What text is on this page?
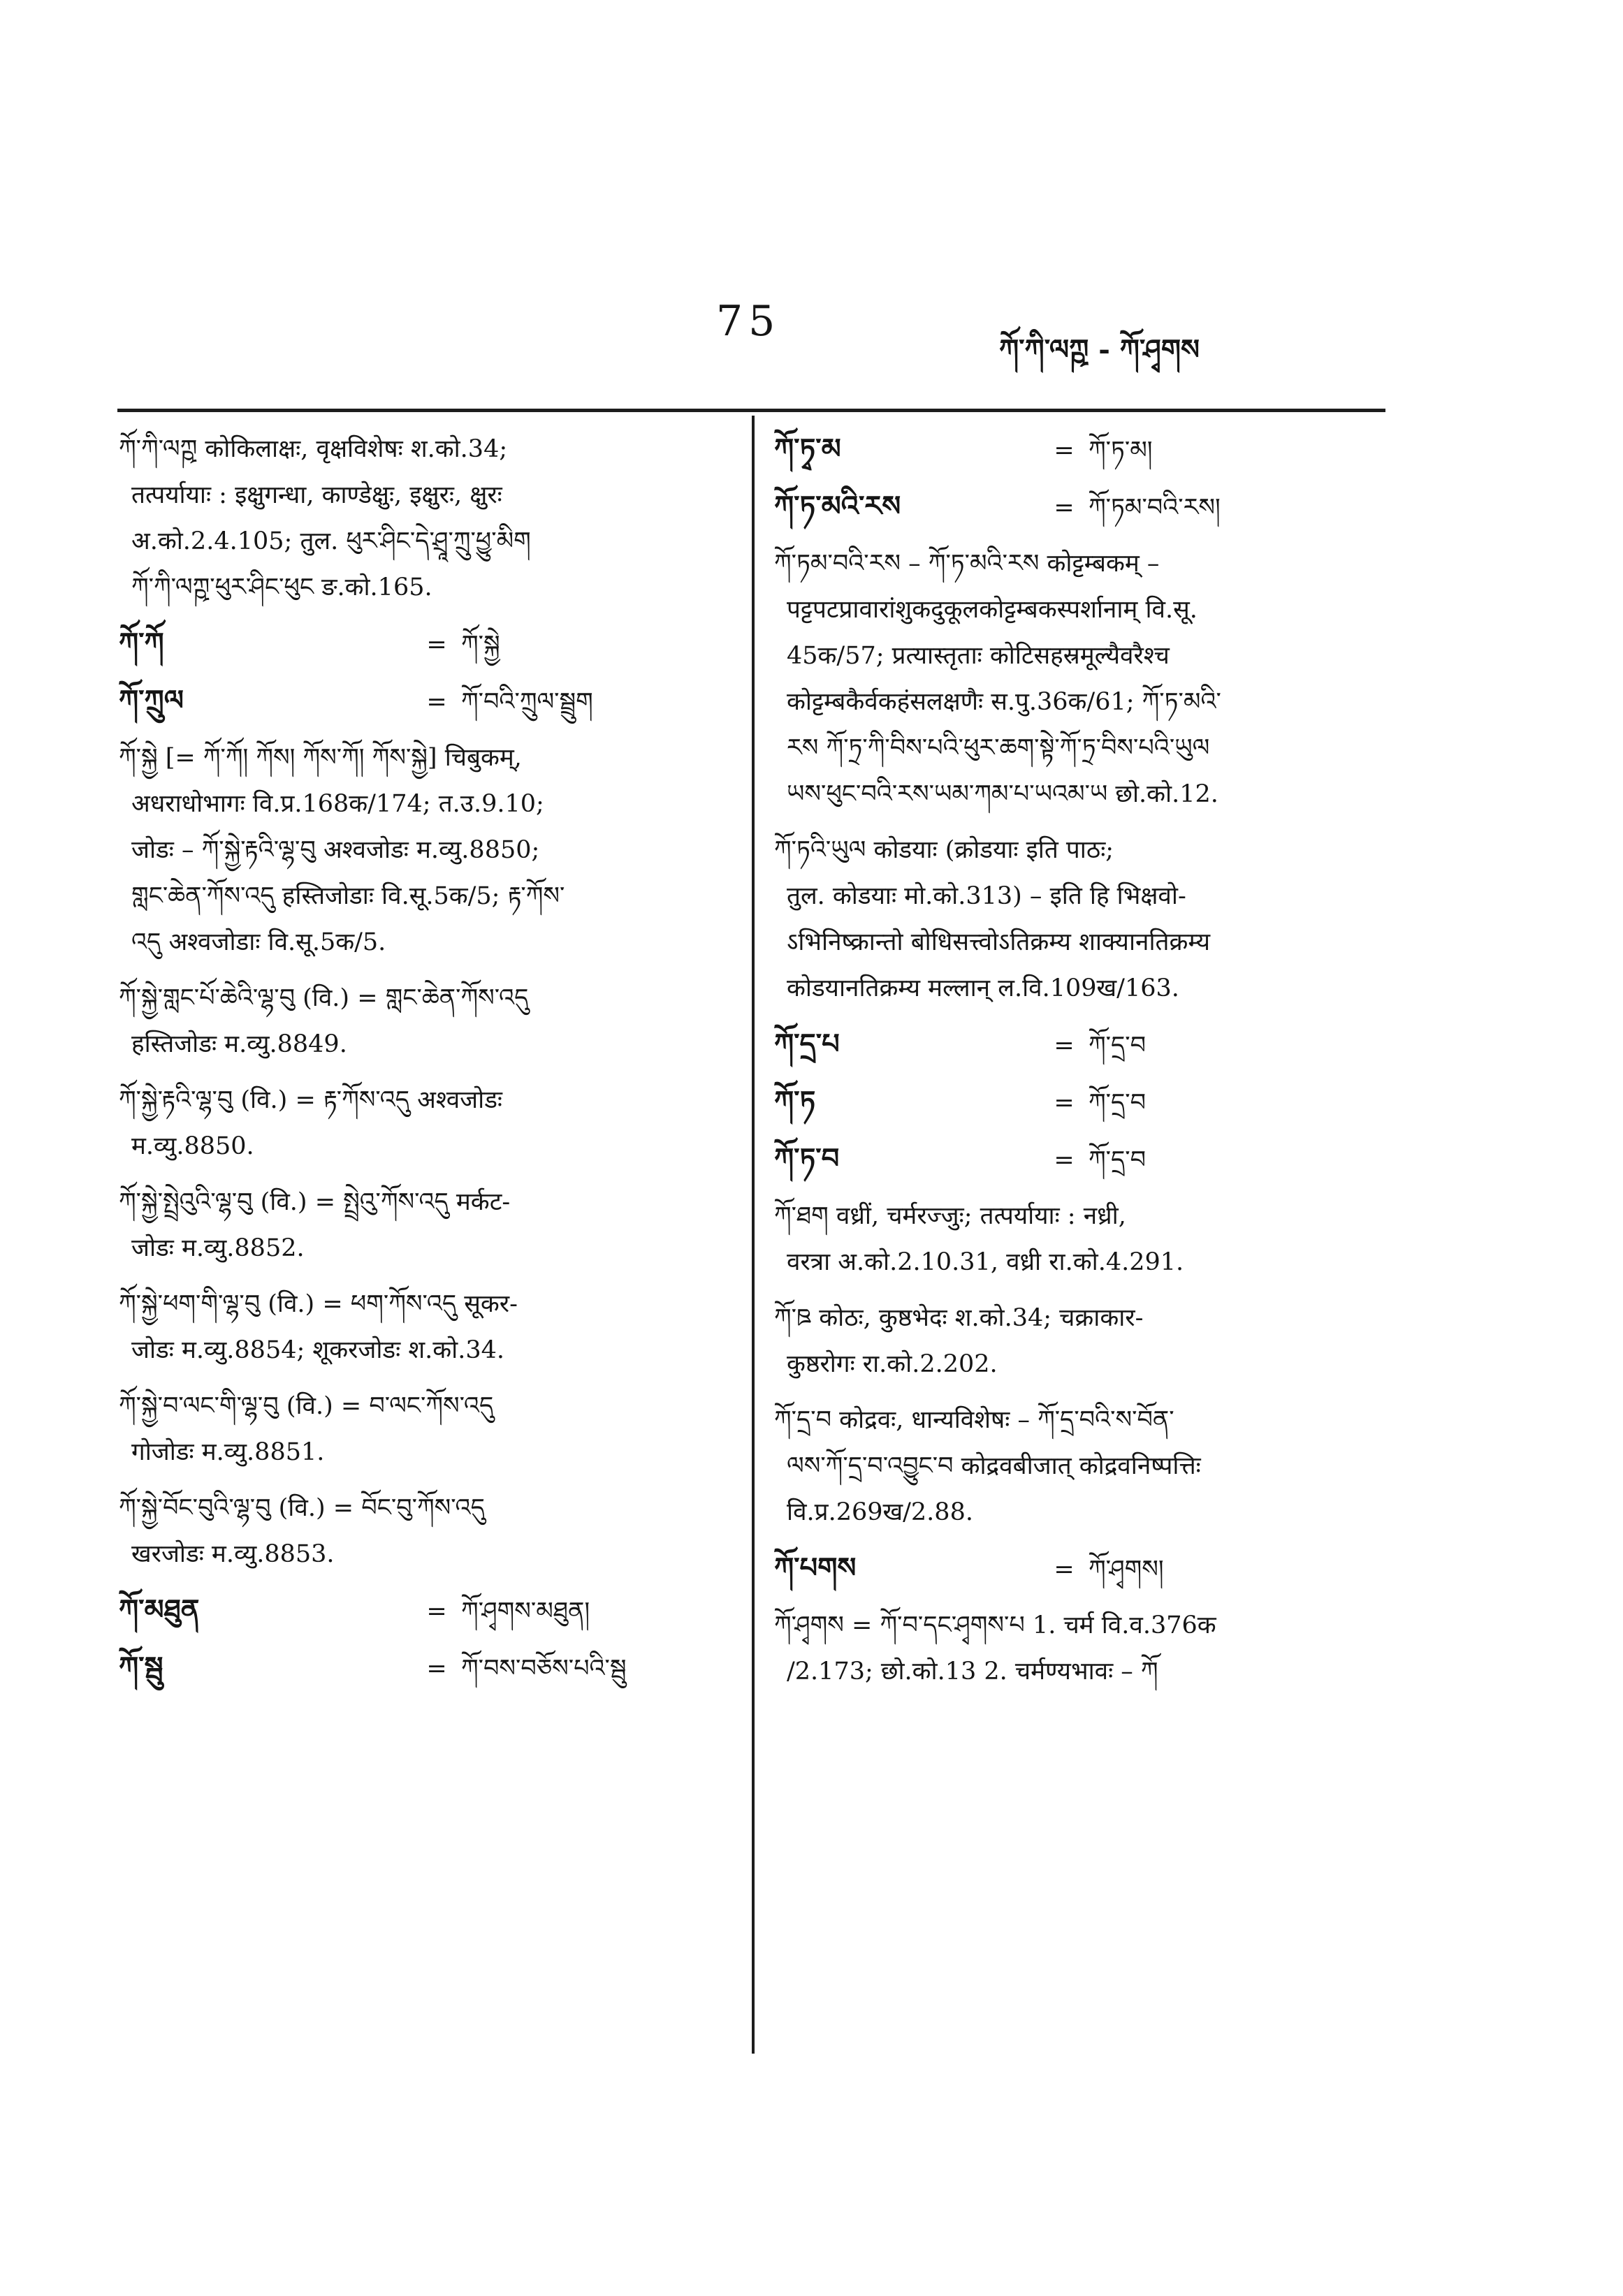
75
ཀོ་ཀི་ལཀྵ - ཀོ་ཤྭགས
ཀོ་ཀི་ལཀྵ कोकिलाक्षः, वृक्षविशेषः श.को.34;
तत्पर्यायाः : इक्षुगन्धा, काण्डेक्षुः, इक्षुरः, क्षुरः
अ.को.2.4.105; तुल. ཕུར་ཤིང་དེ་ཤྲཱ་ཀྲུ་ཕྱུ་མིག
ཀོ་ཀི་ལཀྵ་ཕུར་ཤིང་ཕུང ङ.को.165.
ཀོ་ཀོ	= ཀོ་སྐྱེ
ཀོ་ཀྲུལ	= ཀོ་བའི་ཀྲུལ་སྦྲུག
ཀོ་སྐྱེ [= ཀོ་ཀོ། ཀོས། ཀོས་ཀོ། ཀོས་སྐྱེ] चिबुकम्,
अधराधोभागः वि.प्र.168क/174; त.उ.9.10;
जोडः – ཀོ་སྐྱེ་རྟའི་ལྷ་བུ अश्वजोडः म.व्यु.8850;
གླང་ཆེན་ཀོས་འདུ हस्तिजोडाः वि.सू.5क/5; རྟ་ཀོས་
འདུ अश्वजोडाः वि.सू.5क/5.
ཀོ་སྐྱེ་གླང་པོ་ཆེའི་ལྷ་བུ (वि.) = གླང་ཆེན་ཀོས་འདུ
हस्तिजोडः म.व्यु.8849.
ཀོ་སྐྱེ་རྟའི་ལྷ་བུ (वि.) = རྟ་ཀོས་འདུ अश्वजोडः
म.व्यु.8850.
ཀོ་སྐྱེ་སྤྲེའུའི་ལྷ་བུ (वि.) = སྤྲེའུ་ཀོས་འདུ मर्कट-
जोडः म.व्यु.8852.
ཀོ་སྐྱེ་ཕག་གི་ལྷ་བུ (वि.) = ཕག་ཀོས་འདུ सूकर-
जोडः म.व्यु.8854; शूकरजोडः श.को.34.
ཀོ་སྐྱེ་བ་ལང་གི་ལྷ་བུ (वि.) = བ་ལང་ཀོས་འདུ
गोजोडः म.व्यु.8851.
ཀོ་སྐྱེ་བོང་བུའི་ལྷ་བུ (वि.) = བོང་བུ་ཀོས་འདུ
खरजोडः म.व्यु.8853.
ཀོ་མཐུན	= ཀོ་ཤྭགས་མཐུན།
ཀོ་སྦུ	= ཀོ་བས་བཅོས་པའི་སྦུ
ཀོ་ཏྭ་མ	= ཀོ་ཏ་མ།
ཀོ་ཏ་མའི་རས	= ཀོ་ཏམ་བའི་རས།
ཀོ་ཏམ་བའི་རས – ཀོ་ཏ་མའི་རས कोट्टम्बकम् –
पट्टपटप्रावारांशुकदुकूलकोट्टम्बकस्पर्शानाम् वि.सू.
45क/57; प्रत्यास्तृताः कोटिसहस्रमूल्यैवरैश्च
कोट्टम्बकैर्वकहंसलक्षणैः स.पु.36क/61; ཀོ་ཏ་མའི་
རས ཀོ་ཏྲ་ཀི་བིས་པའི་ཕུར་ཆག་སྟེ་ཀོ་ཏྲ་བིས་པའི་ཡུལ
ཡས་ཕུང་བའི་རས་ཡམ་ཀམ་པ་ཡའམ་ཡ छो.को.12.
ཀོ་ཏའི་ཡུལ कोडयाः (क्रोडयाः इति पाठः;
तुल. कोडयाः मो.को.313) – इति हि भिक्षवो-
ऽभिनिष्क्रान्तो बोधिसत्त्वोऽतिक्रम्य शाक्यानतिक्रम्य
कोडयानतिक्रम्य मल्लान् ल.वि.109ख/163.
ཀོ་དྲ་པ	= ཀོ་དྲ་བ
ཀོ་ཏ	= ཀོ་དྲ་བ
ཀོ་ཏ་བ	= ཀོ་དྲ་བ
ཀོ་ཐག वध्रीं, चर्मरज्जुः; तत्पर्यायाः : नध्री,
वरत्रा अ.को.2.10.31, वध्री रा.को.4.291.
ཀོ་ཋ कोठः, कुष्ठभेदः श.को.34; चक्राकार-
कुष्ठरोगः रा.को.2.202.
ཀོ་དྲ་བ कोद्रवः, धान्यविशेषः – ཀོ་དྲ་བའི་ས་བོན་
ལས་ཀོ་དྲ་བ་འབྱུང་བ कोद्रवबीजात् कोद्रवनिष्पत्तिः
वि.प्र.269ख/2.88.
ཀོ་པགས	= ཀོ་ཤྭགས།
ཀོ་ཤྭགས = ཀོ་བ་དང་ཤྭགས་པ 1. चर्म वि.व.376क
/2.173; छो.को.13 2. चर्मण्यभावः – ཀོ
